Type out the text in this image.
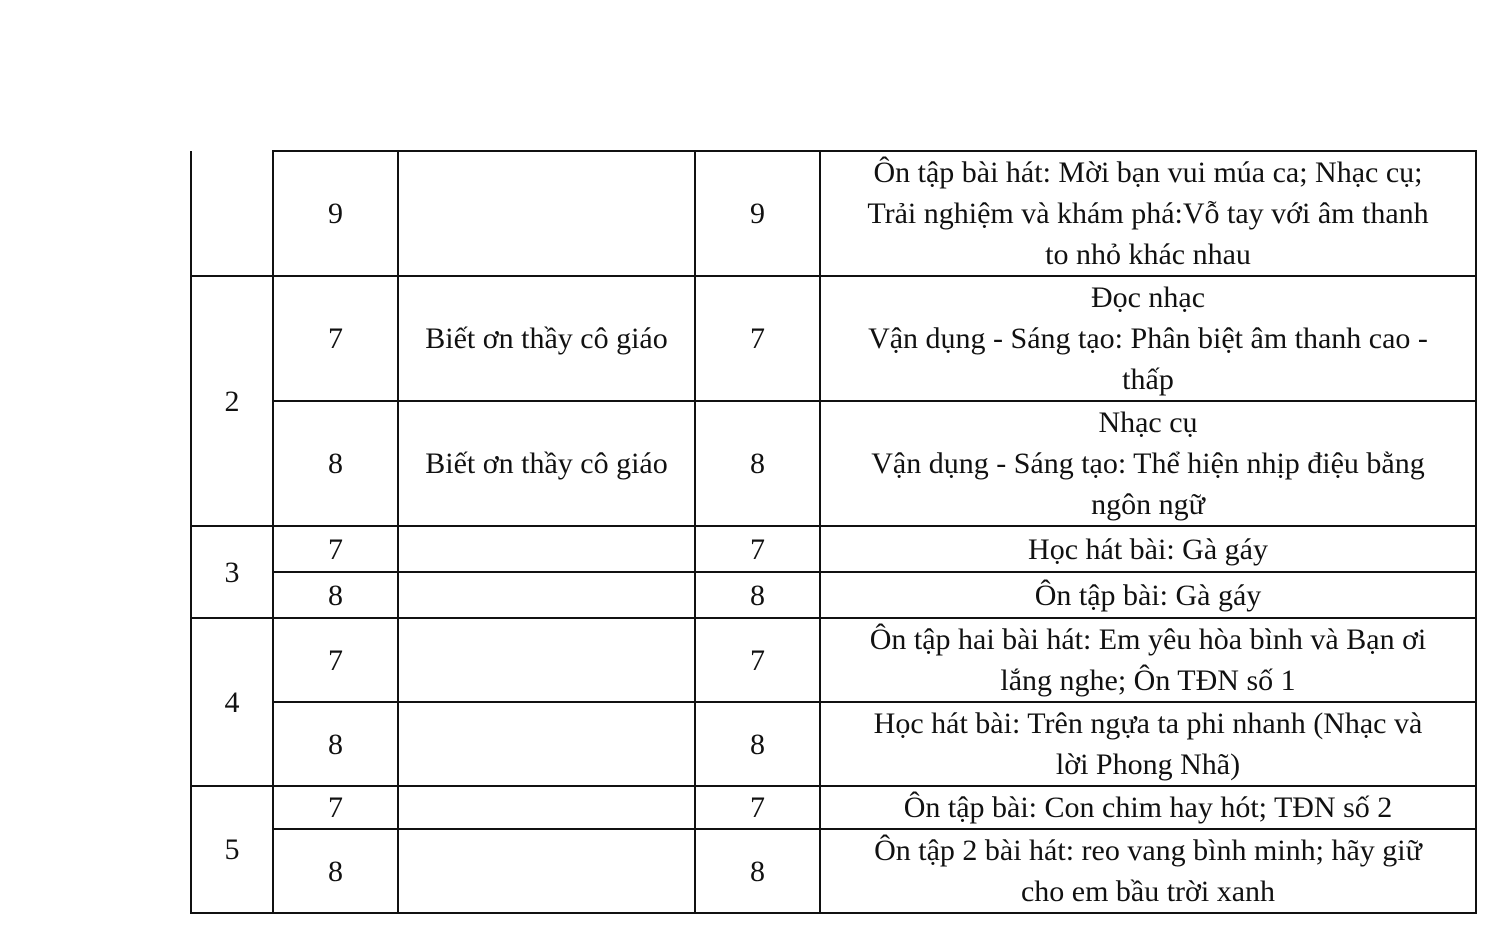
	9		9	Ôn tập bài hát: Mời bạn vui múa ca; Nhạc cụ;
Trải nghiệm và khám phá:Vỗ tay với âm thanh
to nhỏ khác nhau
2	7	Biết ơn thầy cô giáo	7	Đọc nhạc
Vận dụng - Sáng tạo: Phân biệt âm thanh cao -
thấp
	8	Biết ơn thầy cô giáo	8	Nhạc cụ
Vận dụng - Sáng tạo: Thể hiện nhịp điệu bằng
ngôn ngữ
3	7		7	Học hát bài: Gà gáy
	8		8	Ôn tập bài: Gà gáy
4	7		7	Ôn tập hai bài hát: Em yêu hòa bình và Bạn ơi
lắng nghe; Ôn TĐN số 1
	8		8	Học hát bài: Trên ngựa ta phi nhanh (Nhạc và
lời Phong Nhã)
5	7		7	Ôn tập bài: Con chim hay hót; TĐN số 2
	8		8	Ôn tập 2 bài hát: reo vang bình minh; hãy giữ
cho em bầu trời xanh
